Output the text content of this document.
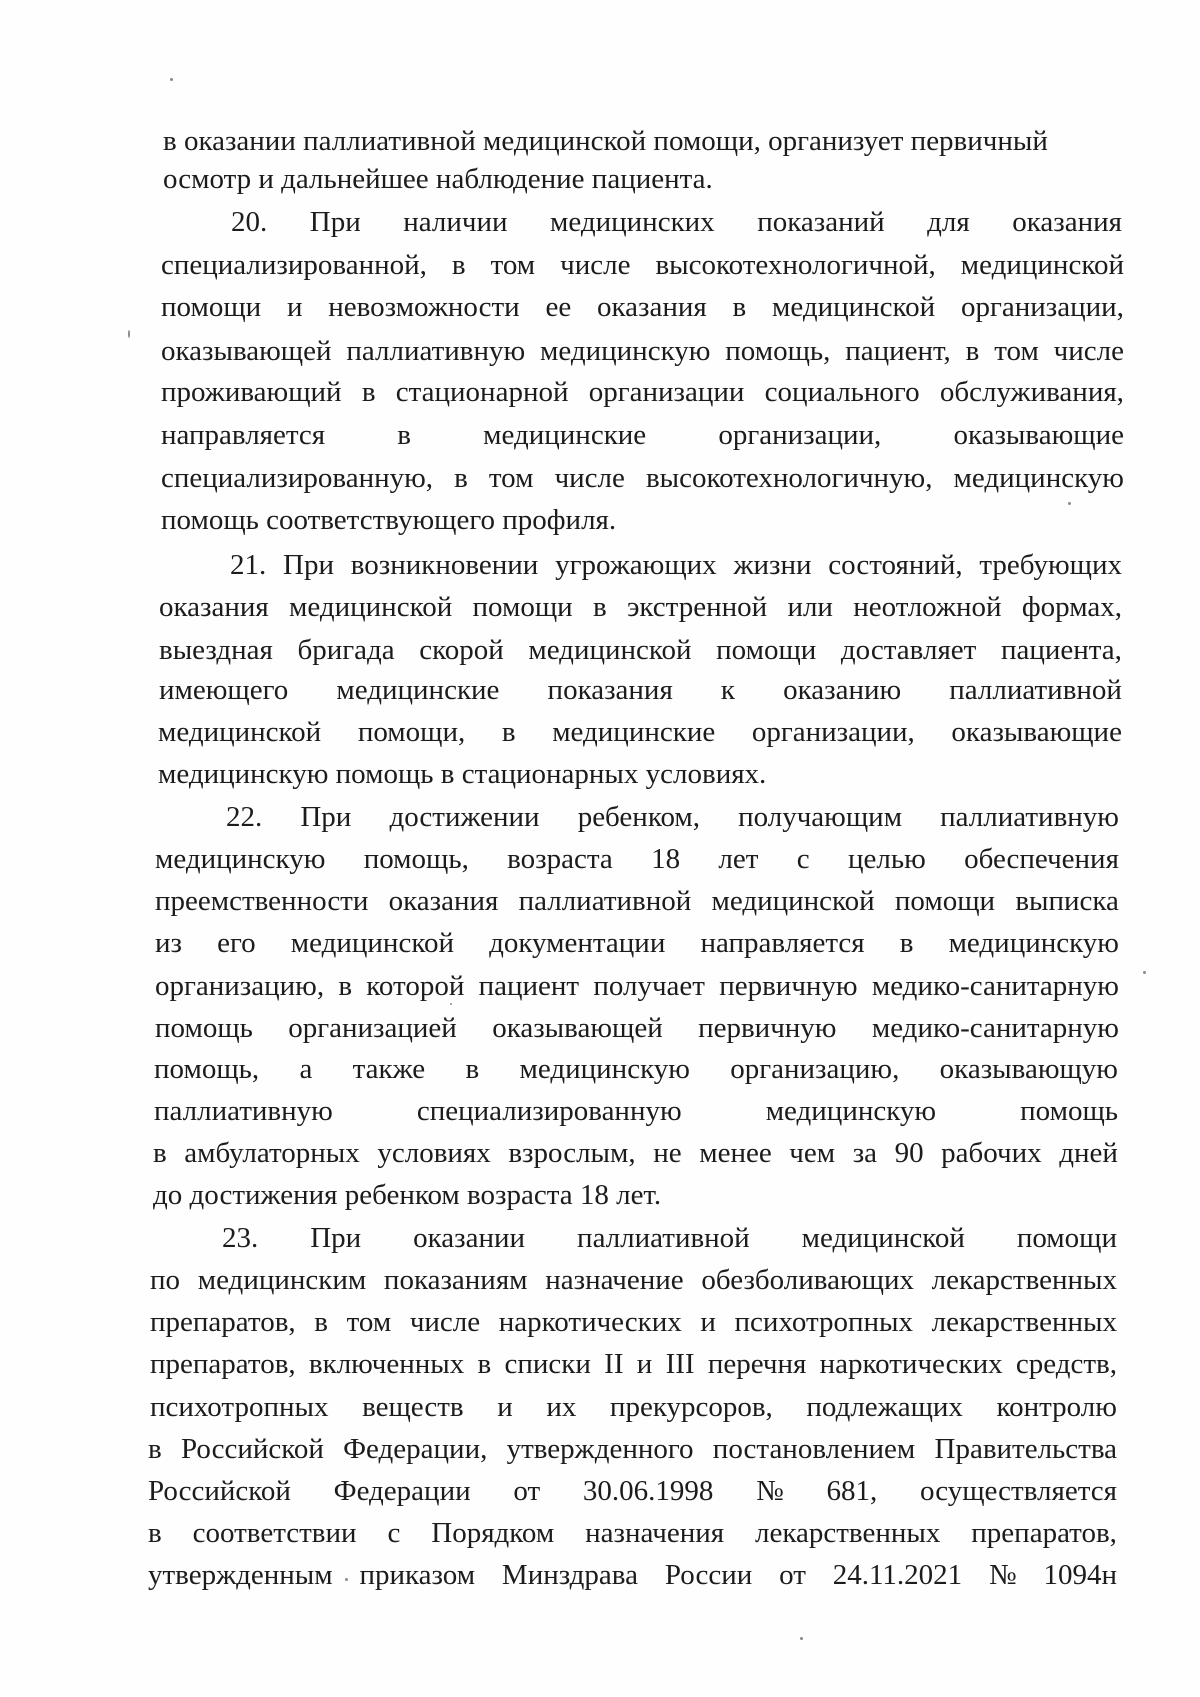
в оказании паллиативной медицинской помощи, организует первичный
осмотр и дальнейшее наблюдение пациента.
20. При наличии медицинских показаний для оказания
специализированной, в том числе высокотехнологичной, медицинской
помощи и невозможности ее оказания в медицинской организации,
оказывающей паллиативную медицинскую помощь, пациент, в том числе
проживающий в стационарной организации социального обслуживания,
направляется в медицинские организации, оказывающие
специализированную, в том числе высокотехнологичную, медицинскую
помощь соответствующего профиля.
21. При возникновении угрожающих жизни состояний, требующих
оказания медицинской помощи в экстренной или неотложной формах,
выездная бригада скорой медицинской помощи доставляет пациента,
имеющего медицинские показания к оказанию паллиативной
медицинской помощи, в медицинские организации, оказывающие
медицинскую помощь в стационарных условиях.
22. При достижении ребенком, получающим паллиативную
медицинскую помощь, возраста 18 лет с целью обеспечения
преемственности оказания паллиативной медицинской помощи выписка
из его медицинской документации направляется в медицинскую
организацию, в которой пациент получает первичную медико-санитарную
помощь организацией оказывающей первичную медико-санитарную
помощь, а также в медицинскую организацию, оказывающую
паллиативную	специализированную	медицинскую	помощь
в амбулаторных условиях взрослым, не менее чем за 90 рабочих дней
до достижения ребенком возраста 18 лет.
23. При оказании паллиативной медицинской помощи
по медицинским показаниям назначение обезболивающих лекарственных
препаратов, в том числе наркотических и психотропных лекарственных
препаратов, включенных в списки II и III перечня наркотических средств,
психотропных веществ и их прекурсоров, подлежащих контролю
в Российской Федерации, утвержденного постановлением Правительства
Российской Федерации от 30.06.1998 № 681, осуществляется
в соответствии с Порядком назначения лекарственных препаратов,
утвержденным приказом Минздрава России от 24.11.2021 № 1094н
